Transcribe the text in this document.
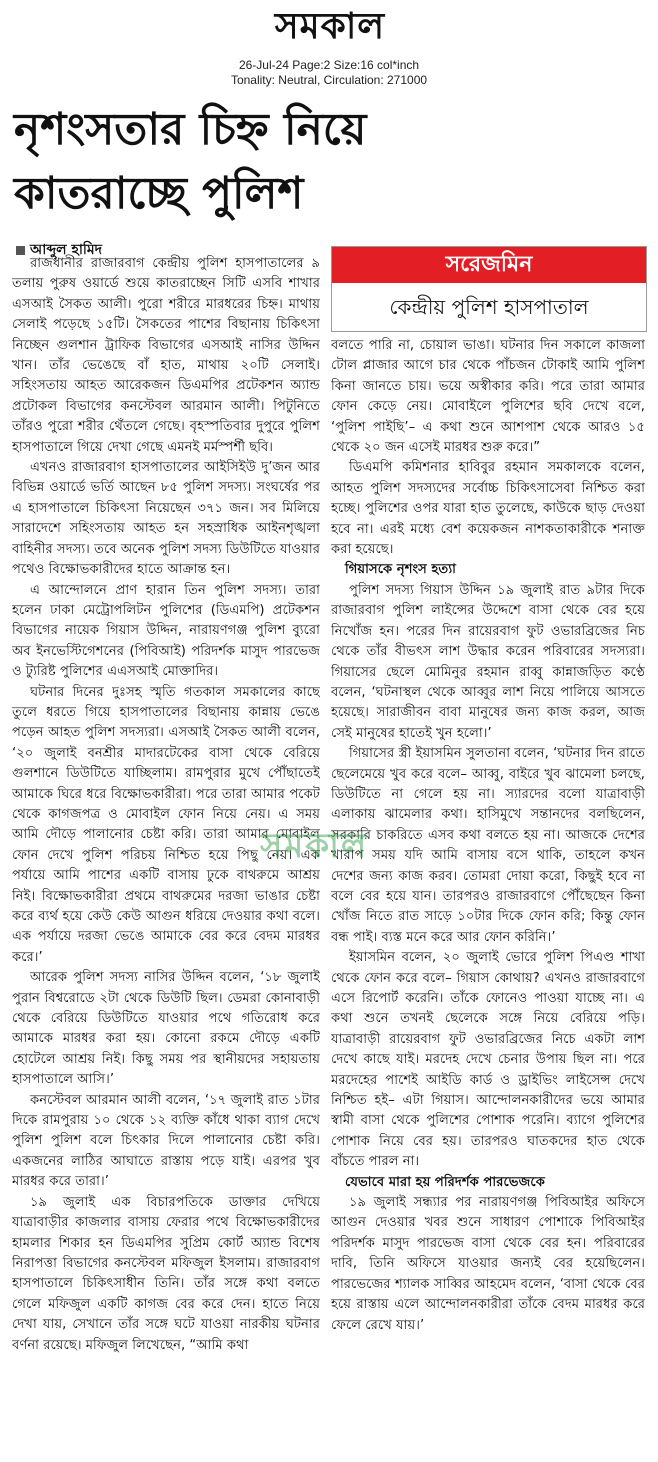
সমকাল
26-Jul-24 Page:2 Size:16 col*inch
Tonality: Neutral, Circulation: 271000
নৃশংসতার চিহ্ন নিয়ে
কাতরাচ্ছে পুলিশ
আব্দুল হামিদ
সরেজমিন
কেন্দ্রীয় পুলিশ হাসপাতাল

রাজধানীর রাজারবাগ কেন্দ্রীয় পুলিশ হাসপাতালের ৯ তলায় পুরুষ ওয়ার্ডে শুয়ে কাতরাচ্ছেন সিটি এসবি শাখার এসআই সৈকত আলী। পুরো শরীরে মারধরের চিহ্ন। মাথায় সেলাই পড়েছে ১৫টি। সৈকতের পাশের বিছানায় চিকিৎসা নিচ্ছেন গুলশান ট্রাফিক বিভাগের এসআই নাসির উদ্দিন খান। তাঁর ভেঙেছে বাঁ হাত, মাথায় ২০টি সেলাই। সহিংসতায় আহত আরেকজন ডিএমপির প্রটেকশন অ্যান্ড প্রটোকল বিভাগের কনস্টেবল আরমান আলী। পিটুনিতে তাঁরও পুরো শরীর থেঁতলে গেছে। বৃহস্পতিবার দুপুরে পুলিশ হাসপাতালে গিয়ে দেখা গেছে এমনই মর্মস্পর্শী ছবি।

এখনও রাজারবাগ হাসপাতালের আইসিইউ দু’জন আর বিভিন্ন ওয়ার্ডে ভর্তি আছেন ৮৫ পুলিশ সদস্য। সংঘর্ষের পর এ হাসপাতালে চিকিৎসা নিয়েছেন ৩৭১ জন। সব মিলিয়ে সারাদেশে সহিংসতায় আহত হন সহস্রাধিক আইনশৃঙ্খলা বাহিনীর সদস্য। তবে অনেক পুলিশ সদস্য ডিউটিতে যাওয়ার পথেও বিক্ষোভকারীদের হাতে আক্রান্ত হন।

এ আন্দোলনে প্রাণ হারান তিন পুলিশ সদস্য। তারা হলেন ঢাকা মেট্রোপলিটন পুলিশের (ডিএমপি) প্রটেকশন বিভাগের নায়েক গিয়াস উদ্দিন, নারায়ণগঞ্জ পুলিশ ব্যুরো অব ইনভেস্টিগেশনের (পিবিআই) পরিদর্শক মাসুদ পারভেজ ও ট্যুরিষ্ট পুলিশের এএসআই মোক্তাদির।

ঘটনার দিনের দুঃসহ স্মৃতি গতকাল সমকালের কাছে তুলে ধরতে গিয়ে হাসপাতালের বিছানায় কান্নায় ভেঙে পড়েন আহত পুলিশ সদস্যরা। এসআই সৈকত আলী বলেন, ‘২০ জুলাই বনশ্রীর মাদারটেকের বাসা থেকে বেরিয়ে গুলশানে ডিউটিতে যাচ্ছিলাম। রামপুরার মুখে পৌঁছাতেই আমাকে ঘিরে ধরে বিক্ষোভকারীরা। পরে তারা আমার পকেট থেকে কাগজপত্র ও মোবাইল ফোন নিয়ে নেয়। এ সময় আমি দৌড়ে পালানোর চেষ্টা করি। তারা আমার মোবাইল ফোন দেখে পুলিশ পরিচয় নিশ্চিত হয়ে পিছু নেয়। এক পর্যায়ে আমি পাশের একটি বাসায় ঢুকে বাথরুমে আশ্রয় নিই। বিক্ষোভকারীরা প্রথমে বাথরুমের দরজা ভাঙার চেষ্টা করে ব্যর্থ হয়ে কেউ কেউ আগুন ধরিয়ে দেওয়ার কথা বলে। এক পর্যায়ে দরজা ভেঙে আমাকে বের করে বেদম মারধর করে।’

আরেক পুলিশ সদস্য নাসির উদ্দিন বলেন, ‘১৮ জুলাই পুরান বিশ্বরোডে ২টা থেকে ডিউটি ছিল। ডেমরা কোনাবাড়ী থেকে বেরিয়ে ডিউটিতে যাওয়ার পথে গতিরোধ করে আমাকে মারধর করা হয়। কোনো রকমে দৌড়ে একটি হোটেলে আশ্রয় নিই। কিছু সময় পর স্থানীয়দের সহায়তায় হাসপাতালে আসি।’

কনস্টেবল আরমান আলী বলেন, ‘১৭ জুলাই রাত ১টার দিকে রামপুরায় ১০ থেকে ১২ ব্যক্তি কাঁধে থাকা ব্যাগ দেখে পুলিশ পুলিশ বলে চিৎকার দিলে পালানোর চেষ্টা করি। একজনের লাঠির আঘাতে রাস্তায় পড়ে যাই। এরপর খুব মারধর করে তারা।’

১৯ জুলাই এক বিচারপতিকে ডাক্তার দেখিয়ে যাত্রাবাড়ীর কাজলার বাসায় ফেরার পথে বিক্ষোভকারীদের হামলার শিকার হন ডিএমপির সুপ্রিম কোর্ট অ্যান্ড বিশেষ নিরাপত্তা বিভাগের কনস্টেবল মফিজুল ইসলাম। রাজারবাগ হাসপাতালে চিকিৎসাধীন তিনি। তাঁর সঙ্গে কথা বলতে গেলে মফিজুল একটি কাগজ বের করে দেন। হাতে নিয়ে দেখা যায়, সেখানে তাঁর সঙ্গে ঘটে যাওয়া নারকীয় ঘটনার বর্ণনা রয়েছে। মফিজুল লিখেছেন, “আমি কথা

বলতে পারি না, চোয়াল ভাঙা। ঘটনার দিন সকালে কাজলা টোল প্লাজার আগে চার থেকে পাঁচজন টোকাই আমি পুলিশ কিনা জানতে চায়। ভয়ে অস্বীকার করি। পরে তারা আমার ফোন কেড়ে নেয়। মোবাইলে পুলিশের ছবি দেখে বলে, ‘পুলিশ পাইছি’– এ কথা শুনে আশপাশ থেকে আরও ১৫ থেকে ২০ জন এসেই মারধর শুরু করে।”

ডিএমপি কমিশনার হাবিবুর রহমান সমকালকে বলেন, আহত পুলিশ সদস্যদের সর্বোচ্চ চিকিৎসাসেবা নিশ্চিত করা হচ্ছে। পুলিশের ওপর যারা হাত তুলেছে, কাউকে ছাড় দেওয়া হবে না। এরই মধ্যে বেশ কয়েকজন নাশকতাকারীকে শনাক্ত করা হয়েছে।

গিয়াসকে নৃশংস হত্যা

পুলিশ সদস্য গিয়াস উদ্দিন ১৯ জুলাই রাত ৯টার দিকে রাজারবাগ পুলিশ লাইন্সের উদ্দেশে বাসা থেকে বের হয়ে নিখোঁজ হন। পরের দিন রায়েরবাগ ফুট ওভারব্রিজের নিচ থেকে তাঁর বীভৎস লাশ উদ্ধার করেন পরিবারের সদস্যরা। গিয়াসের ছেলে মোমিনুর রহমান রাব্বু কান্নাজড়িত কণ্ঠে বলেন, ‘ঘটনাস্থল থেকে আব্বুর লাশ নিয়ে পালিয়ে আসতে হয়েছে। সারাজীবন বাবা মানুষের জন্য কাজ করল, আজ সেই মানুষের হাতেই খুন হলো।’

গিয়াসের স্ত্রী ইয়াসমিন সুলতানা বলেন, ‘ঘটনার দিন রাতে ছেলেমেয়ে খুব করে বলে– আব্বু, বাইরে খুব ঝামেলা চলছে, ডিউটিতে না গেলে হয় না। স্যারদের বলো যাত্রাবাড়ী এলাকায় ঝামেলার কথা। হাসিমুখে সন্তানদের বলছিলেন, সরকারি চাকরিতে এসব কথা বলতে হয় না। আজকে দেশের খারাপ সময় যদি আমি বাসায় বসে থাকি, তাহলে কখন দেশের জন্য কাজ করব। তোমরা দোয়া করো, কিছুই হবে না বলে বের হয়ে যান। তারপরও রাজারবাগে পৌঁছেছেন কিনা খোঁজ নিতে রাত সাড়ে ১০টার দিকে ফোন করি; কিন্তু ফোন বন্ধ পাই। ব্যস্ত মনে করে আর ফোন করিনি।’

ইয়াসমিন বলেন, ২০ জুলাই ভোরে পুলিশ পিএণ্ড শাখা থেকে ফোন করে বলে– গিয়াস কোথায়? এখনও রাজারবাগে এসে রিপোর্ট করেনি। তাঁকে ফোনেও পাওয়া যাচ্ছে না। এ কথা শুনে তখনই ছেলেকে সঙ্গে নিয়ে বেরিয়ে পড়ি। যাত্রাবাড়ী রায়েরবাগ ফুট ওভারব্রিজের নিচে একটা লাশ দেখে কাছে যাই। মরদেহ দেখে চেনার উপায় ছিল না। পরে মরদেহের পাশেই আইডি কার্ড ও ড্রাইভিং লাইসেন্স দেখে নিশ্চিত হই– এটা গিয়াস। আন্দোলনকারীদের ভয়ে আমার স্বামী বাসা থেকে পুলিশের পোশাক পরেনি। ব্যাগে পুলিশের পোশাক নিয়ে বের হয়। তারপরও ঘাতকদের হাত থেকে বাঁচতে পারল না।

যেভাবে মারা হয় পরিদর্শক পারভেজকে

১৯ জুলাই সন্ধ্যার পর নারায়ণগঞ্জ পিবিআইর অফিসে আগুন দেওয়ার খবর শুনে সাধারণ পোশাকে পিবিআইর পরিদর্শক মাসুদ পারভেজ বাসা থেকে বের হন। পরিবারের দাবি, তিনি অফিসে যাওয়ার জন্যই বের হয়েছিলেন। পারভেজের শ্যালক সাব্বির আহমেদ বলেন, ‘বাসা থেকে বের হয়ে রাস্তায় এলে আন্দোলনকারীরা তাঁকে বেদম মারধর করে ফেলে রেখে যায়।’

সমকাল
